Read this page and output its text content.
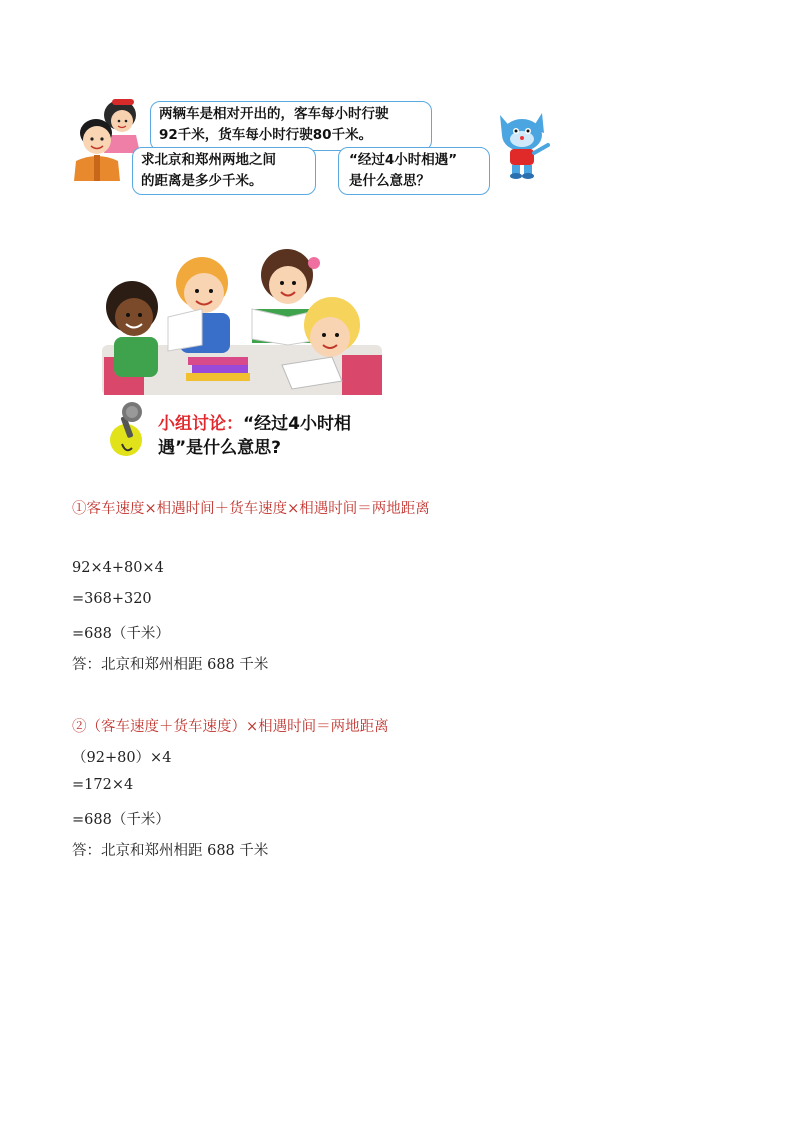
两辆车是相对开出的，客车每小时行驶
92千米，货车每小时行驶80千米。
求北京和郑州两地之间
的距离是多少千米。
“经过4小时相遇”
是什么意思？
小组讨论：“经过4小时相
遇”是什么意思?
①客车速度×相遇时间＋货车速度×相遇时间＝两地距离
92×4+80×4
=368+320
=688（千米）
答：北京和郑州相距 688 千米
②（客车速度＋货车速度）×相遇时间＝两地距离
（92+80）×4
=172×4
=688（千米）
答：北京和郑州相距 688 千米
